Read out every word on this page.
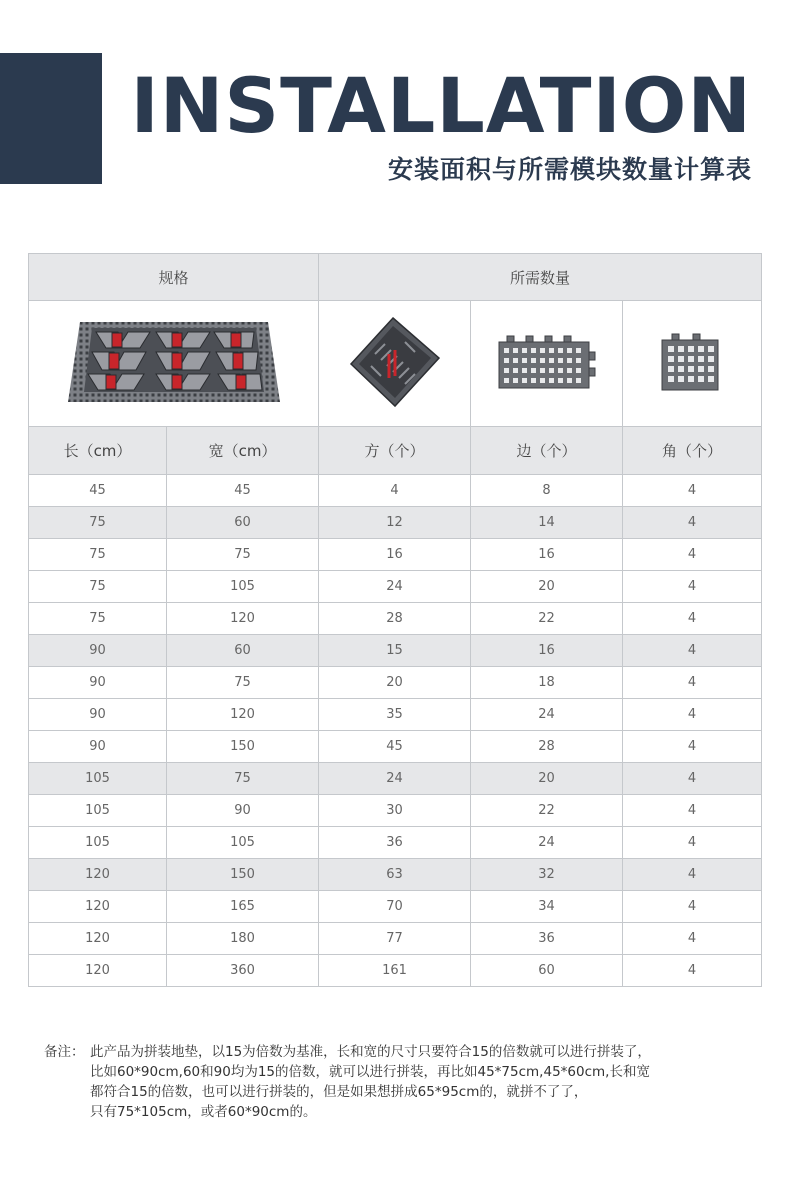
INSTALLATION
安装面积与所需模块数量计算表
规格		所需数量		

长（cm）	宽（cm）	方（个）	边（个）	角（个）
45	45	4	8	4
75	60	12	14	4
75	75	16	16	4
75	105	24	20	4
75	120	28	22	4
90	60	15	16	4
90	75	20	18	4
90	120	35	24	4
90	150	45	28	4
105	75	24	20	4
105	90	30	22	4
105	105	36	24	4
120	150	63	32	4
120	165	70	34	4
120	180	77	36	4
120	360	161	60	4
备注： 此产品为拼装地垫，以15为倍数为基准，长和宽的尺寸只要符合15的倍数就可以进行拼装了，
比如60*90cm,60和90均为15的倍数，就可以进行拼装，再比如45*75cm,45*60cm,长和宽
都符合15的倍数，也可以进行拼装的，但是如果想拼成65*95cm的，就拼不了了，
只有75*105cm，或者60*90cm的。
